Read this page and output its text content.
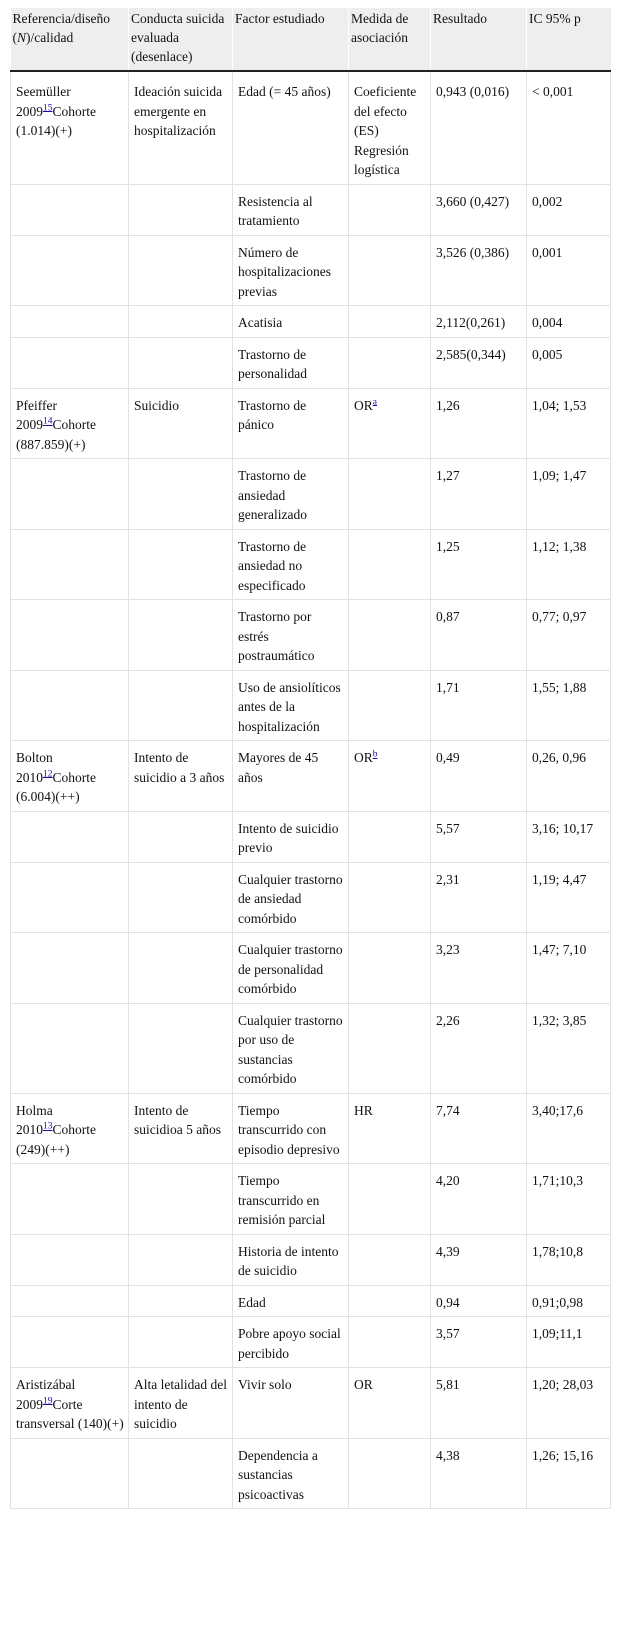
Referencia/diseño (N)/calidad	Conducta suicida evaluada (desenlace)	Factor estudiado	Medida de asociación	Resultado	IC 95% p
Seemüller 2009$^{15}$Cohorte (1.014)(+)	Ideación suicida emergente en hospitalización	Edad (= 45 años)	Coeficiente del efecto (ES) Regresión logística	0,943 (0,016)	< 0,001
		Resistencia al tratamiento		3,660 (0,427)	0,002
		Número de hospitalizaciones previas		3,526 (0,386)	0,001
		Acatisia		2,112(0,261)	0,004
		Trastorno de personalidad		2,585(0,344)	0,005
Pfeiffer 2009$^{14}$Cohorte (887.859)(+)	Suicidio	Trastorno de pánico	OR$^a$	1,26	1,04; 1,53
		Trastorno de ansiedad generalizado		1,27	1,09; 1,47
		Trastorno de ansiedad no especificado		1,25	1,12; 1,38
		Trastorno por estrés postraumático		0,87	0,77; 0,97
		Uso de ansiolíticos antes de la hospitalización		1,71	1,55; 1,88
Bolton 2010$^{12}$Cohorte (6.004)(++)	Intento de suicidio a 3 años	Mayores de 45 años	OR$^b$	0,49	0,26, 0,96
		Intento de suicidio previo		5,57	3,16; 10,17
		Cualquier trastorno de ansiedad comórbido		2,31	1,19; 4,47
		Cualquier trastorno de personalidad comórbido		3,23	1,47; 7,10
		Cualquier trastorno por uso de sustancias comórbido		2,26	1,32; 3,85
Holma 2010$^{13}$Cohorte (249)(++)	Intento de suicidioa 5 años	Tiempo transcurrido con episodio depresivo	HR	7,74	3,40;17,6
		Tiempo transcurrido en remisión parcial		4,20	1,71;10,3
		Historia de intento de suicidio		4,39	1,78;10,8
		Edad		0,94	0,91;0,98
		Pobre apoyo social percibido		3,57	1,09;11,1
Aristizábal 2009$^{19}$Corte transversal (140)(+)	Alta letalidad del intento de suicidio	Vivir solo	OR	5,81	1,20; 28,03
		Dependencia a sustancias psicoactivas		4,38	1,26; 15,16
